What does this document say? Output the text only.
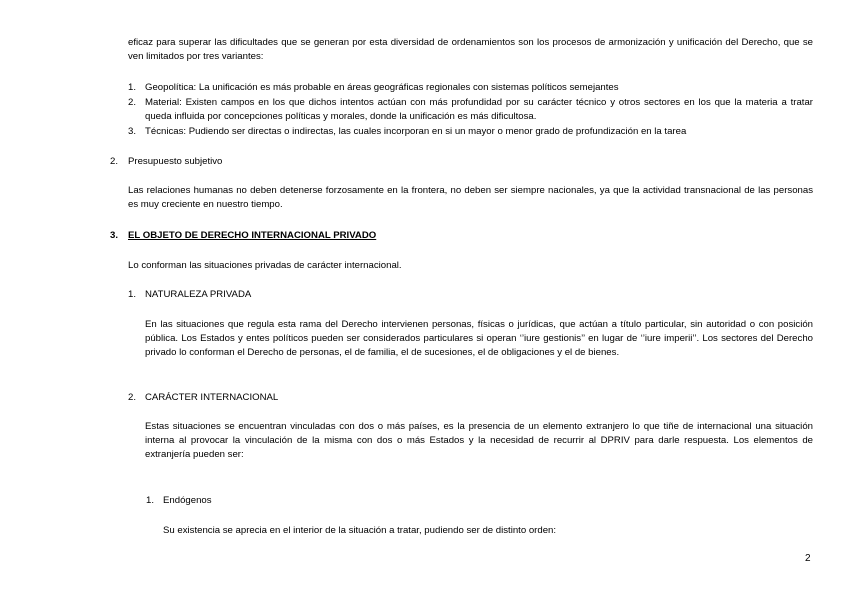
eficaz para superar las dificultades que se generan por esta diversidad de ordenamientos son los procesos de armonización y unificación del Derecho, que se ven limitados por tres variantes:

1. Geopolítica: La unificación es más probable en áreas geográficas regionales con sistemas políticos semejantes

2. Material: Existen campos en los que dichos intentos actúan con más profundidad por su carácter técnico y otros sectores en los que la materia a tratar queda influida por concepciones políticas y morales, donde la unificación es más dificultosa.

3. Técnicas: Pudiendo ser directas o indirectas, las cuales incorporan en si un mayor o menor grado de profundización en la tarea

2. Presupuesto subjetivo

Las relaciones humanas no deben detenerse forzosamente en la frontera, no deben ser siempre nacionales, ya que la actividad transnacional de las personas es muy creciente en nuestro tiempo.

3. EL OBJETO DE DERECHO INTERNACIONAL PRIVADO

Lo conforman las situaciones privadas de carácter internacional.

1. NATURALEZA PRIVADA

En las situaciones que regula esta rama del Derecho intervienen personas, físicas o jurídicas, que actúan a título particular, sin autoridad o con posición pública. Los Estados y entes políticos pueden ser considerados particulares si operan ‘’iure gestionis’’ en lugar de ‘’iure imperii’’. Los sectores del Derecho privado lo conforman el Derecho de personas, el de familia, el de sucesiones, el de obligaciones y el de bienes.

2. CARÁCTER INTERNACIONAL

Estas situaciones se encuentran vinculadas con dos o más países, es la presencia de un elemento extranjero lo que tiñe de internacional una situación interna al provocar la vinculación de la misma con dos o más Estados y la necesidad de recurrir al DPRIV para darle respuesta. Los elementos de extranjería pueden ser:

1. Endógenos

Su existencia se aprecia en el interior de la situación a tratar, pudiendo ser de distinto orden:

2
